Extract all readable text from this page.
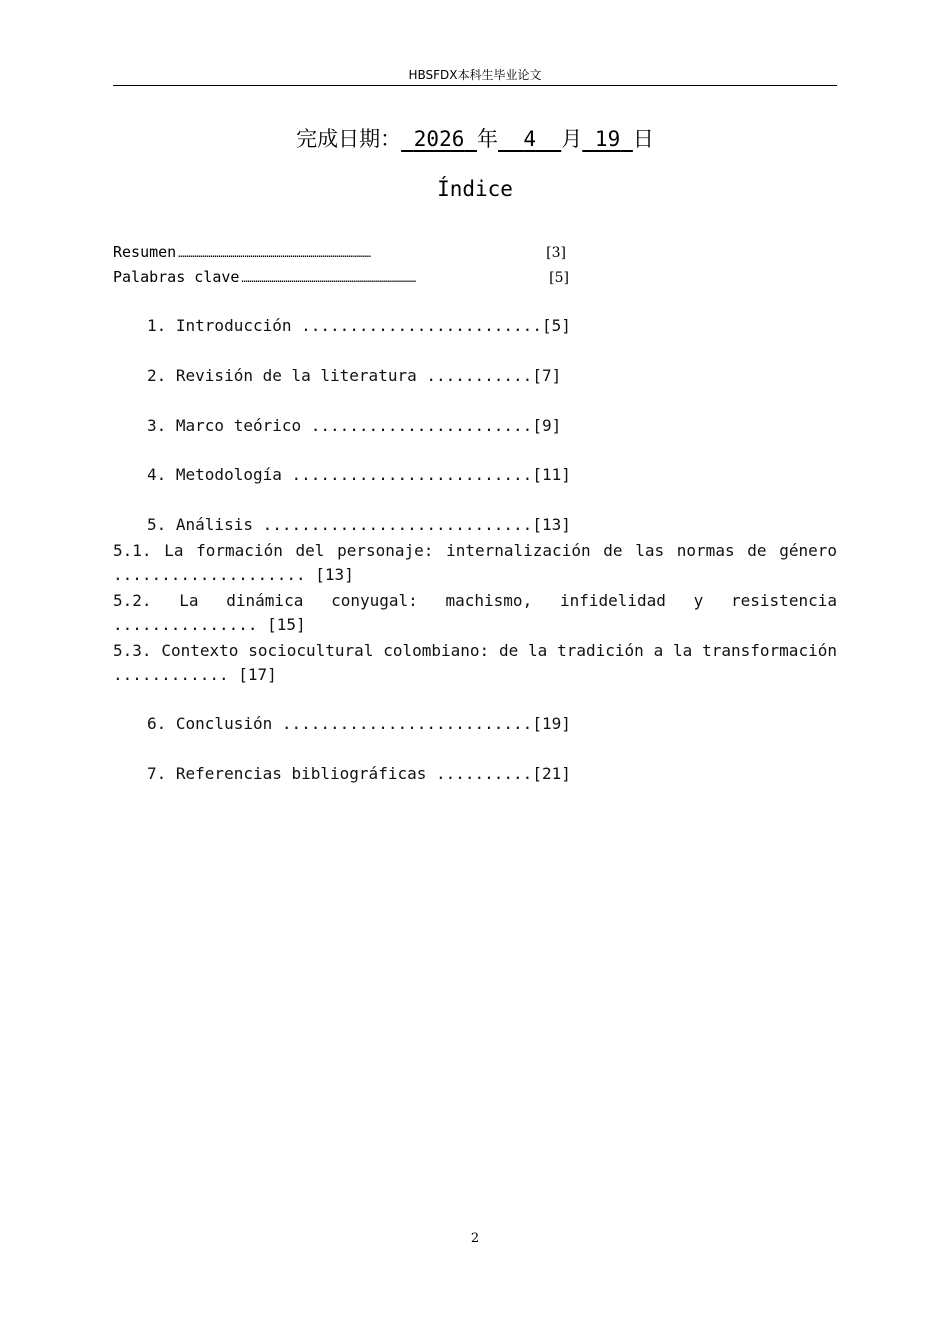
HBSFDX本科生毕业论文
完成日期： 2026 年 4 月 19 日
Índice
Resumen ……………………………………………………………………………………	[3]
Palabras clave ……………………………………………………………………………	[5]
1. Introducción .........................[5]
2. Revisión de la literatura ...........[7]
3. Marco teórico .......................[9]
4. Metodología .........................[11]
5. Análisis ............................[13]
5.1. La formación del personaje: internalización de las normas de género
.................... [13]
5.2. La dinámica conyugal: machismo, infidelidad y resistencia
............... [15]
5.3. Contexto sociocultural colombiano: de la tradición a la transformación
............ [17]
6. Conclusión ..........................[19]
7. Referencias bibliográficas ..........[21]
2
